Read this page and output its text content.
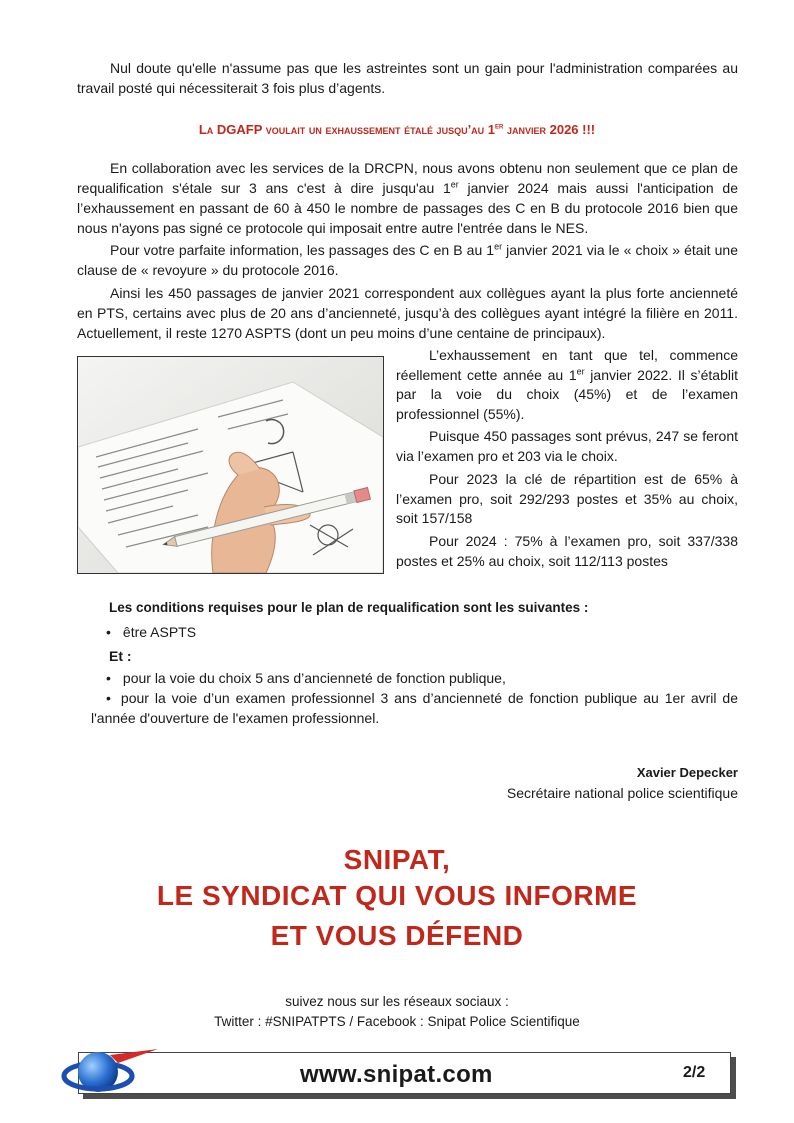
Nul doute qu'elle n'assume pas que les astreintes sont un gain pour l'administration comparées au travail posté qui nécessiterait 3 fois plus d’agents.

La DGAFP voulait un exhaussement étalé jusqu’au 1er janvier 2026 !!!

En collaboration avec les services de la DRCPN, nous avons obtenu non seulement que ce plan de requalification s'étale sur 3 ans c'est à dire jusqu'au 1er janvier 2024 mais aussi l'anticipation de l’exhaussement en passant de 60 à 450 le nombre de passages des C en B du protocole 2016 bien que nous n'ayons pas signé ce protocole qui imposait entre autre l'entrée dans le NES.

Pour votre parfaite information, les passages des C en B au 1er janvier 2021 via le « choix » était une clause de « revoyure » du protocole 2016.

Ainsi les 450 passages de janvier 2021 correspondent aux collègues ayant la plus forte ancienneté en PTS, certains avec plus de 20 ans d’ancienneté, jusqu’à des collègues ayant intégré la filière en 2011. Actuellement, il reste 1270 ASPTS (dont un peu moins d’une centaine de principaux).

L’exhaussement en tant que tel, commence réellement cette année au 1er janvier 2022. Il s’établit par la voie du choix (45%) et de l’examen professionnel (55%).

Puisque 450 passages sont prévus, 247 se feront via l’examen pro et 203 via le choix.

Pour 2023 la clé de répartition est de 65% à l’examen pro, soit 292/293 postes et 35% au choix, soit 157/158

Pour 2024 : 75% à l’examen pro, soit 337/338 postes et 25% au choix, soit 112/113 postes

Les conditions requises pour le plan de requalification sont les suivantes :

• être ASPTS

Et :

• pour la voie du choix 5 ans d’ancienneté de fonction publique,

• pour la voie d’un examen professionnel 3 ans d’ancienneté de fonction publique au 1er avril de l'année d'ouverture de l'examen professionnel.

Xavier Depecker

Secrétaire national police scientifique

SNIPAT,

LE SYNDICAT QUI VOUS INFORME

ET VOUS DÉFEND

suivez nous sur les réseaux sociaux :

Twitter : #SNIPATPTS / Facebook : Snipat Police Scientifique

www.snipat.com	2/2
